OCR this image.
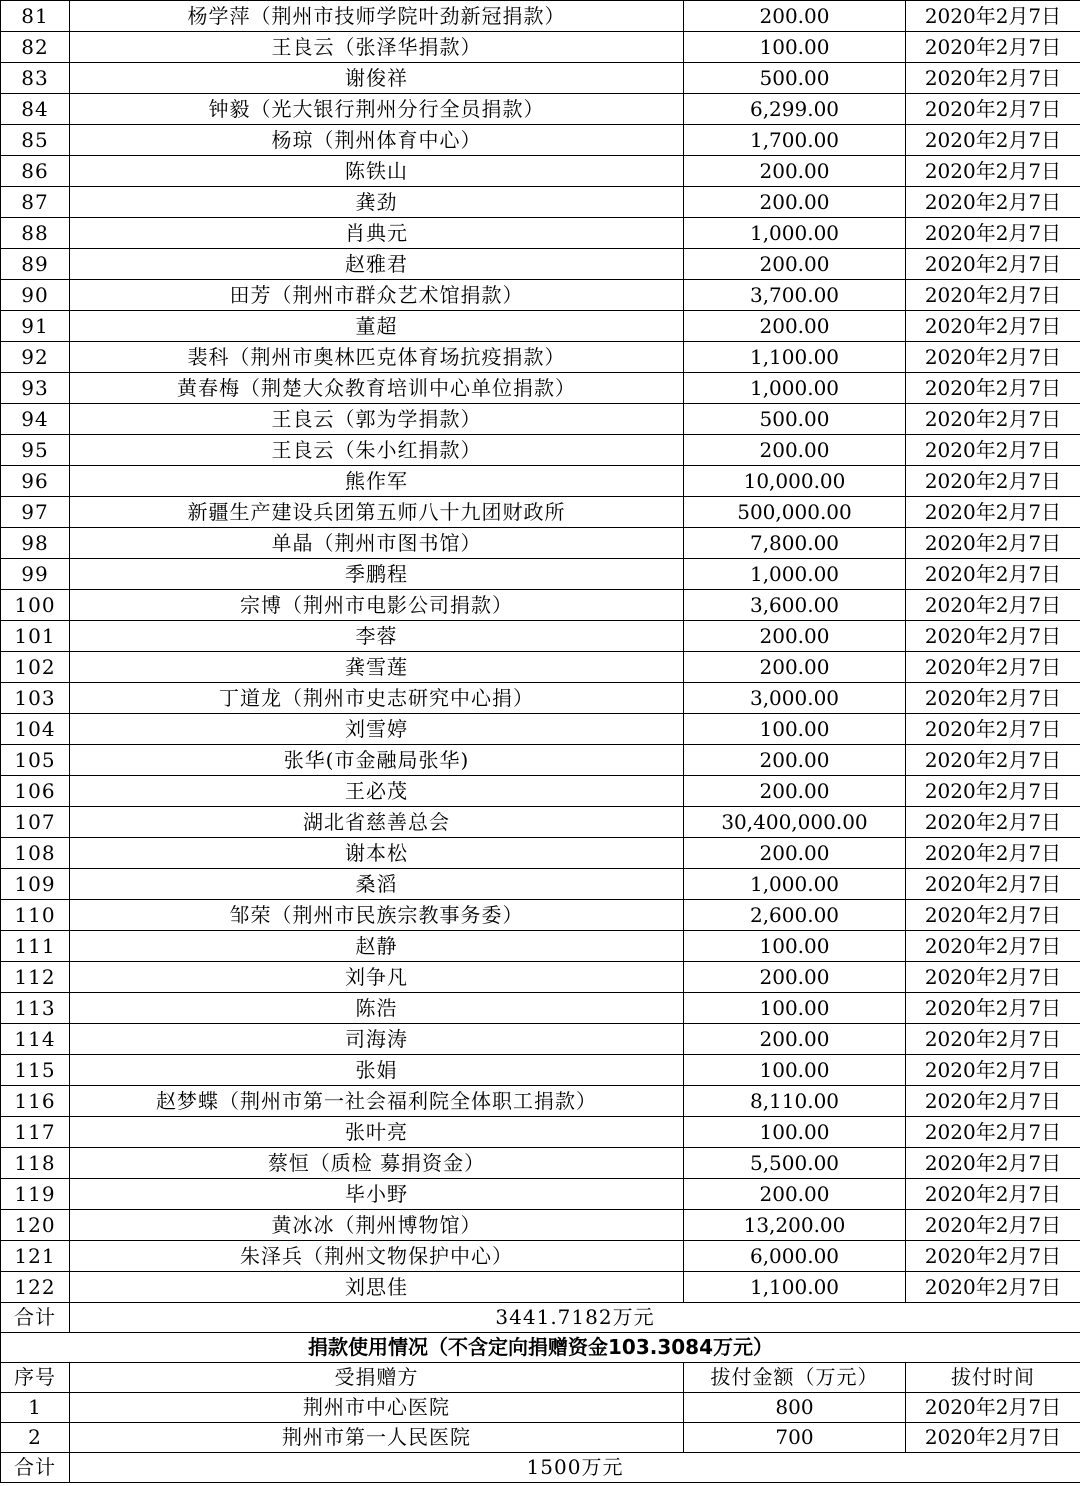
81	杨学萍（荆州市技师学院叶劲新冠捐款）	200.00	2020年2月7日
82	王良云（张泽华捐款）	100.00	2020年2月7日
83	谢俊祥	500.00	2020年2月7日
84	钟毅（光大银行荆州分行全员捐款）	6,299.00	2020年2月7日
85	杨琼（荆州体育中心）	1,700.00	2020年2月7日
86	陈铁山	200.00	2020年2月7日
87	龚劲	200.00	2020年2月7日
88	肖典元	1,000.00	2020年2月7日
89	赵雅君	200.00	2020年2月7日
90	田芳（荆州市群众艺术馆捐款）	3,700.00	2020年2月7日
91	董超	200.00	2020年2月7日
92	裴科（荆州市奥林匹克体育场抗疫捐款）	1,100.00	2020年2月7日
93	黄春梅（荆楚大众教育培训中心单位捐款）	1,000.00	2020年2月7日
94	王良云（郭为学捐款）	500.00	2020年2月7日
95	王良云（朱小红捐款）	200.00	2020年2月7日
96	熊作军	10,000.00	2020年2月7日
97	新疆生产建设兵团第五师八十九团财政所	500,000.00	2020年2月7日
98	单晶（荆州市图书馆）	7,800.00	2020年2月7日
99	季鹏程	1,000.00	2020年2月7日
100	宗博（荆州市电影公司捐款）	3,600.00	2020年2月7日
101	李蓉	200.00	2020年2月7日
102	龚雪莲	200.00	2020年2月7日
103	丁道龙（荆州市史志研究中心捐）	3,000.00	2020年2月7日
104	刘雪婷	100.00	2020年2月7日
105	张华(市金融局张华)	200.00	2020年2月7日
106	王必茂	200.00	2020年2月7日
107	湖北省慈善总会	30,400,000.00	2020年2月7日
108	谢本松	200.00	2020年2月7日
109	桑滔	1,000.00	2020年2月7日
110	邹荣（荆州市民族宗教事务委）	2,600.00	2020年2月7日
111	赵静	100.00	2020年2月7日
112	刘争凡	200.00	2020年2月7日
113	陈浩	100.00	2020年2月7日
114	司海涛	200.00	2020年2月7日
115	张娟	100.00	2020年2月7日
116	赵梦蝶（荆州市第一社会福利院全体职工捐款）	8,110.00	2020年2月7日
117	张叶亮	100.00	2020年2月7日
118	蔡恒（质检 募捐资金）	5,500.00	2020年2月7日
119	毕小野	200.00	2020年2月7日
120	黄冰冰（荆州博物馆）	13,200.00	2020年2月7日
121	朱泽兵（荆州文物保护中心）	6,000.00	2020年2月7日
122	刘思佳	1,100.00	2020年2月7日
合计	3441.7182万元		
捐款使用情况（不含定向捐赠资金103.3084万元）			
序号	受捐赠方	拔付金额（万元）	拔付时间
1	荆州市中心医院	800	2020年2月7日
2	荆州市第一人民医院	700	2020年2月7日
合计	1500万元		
